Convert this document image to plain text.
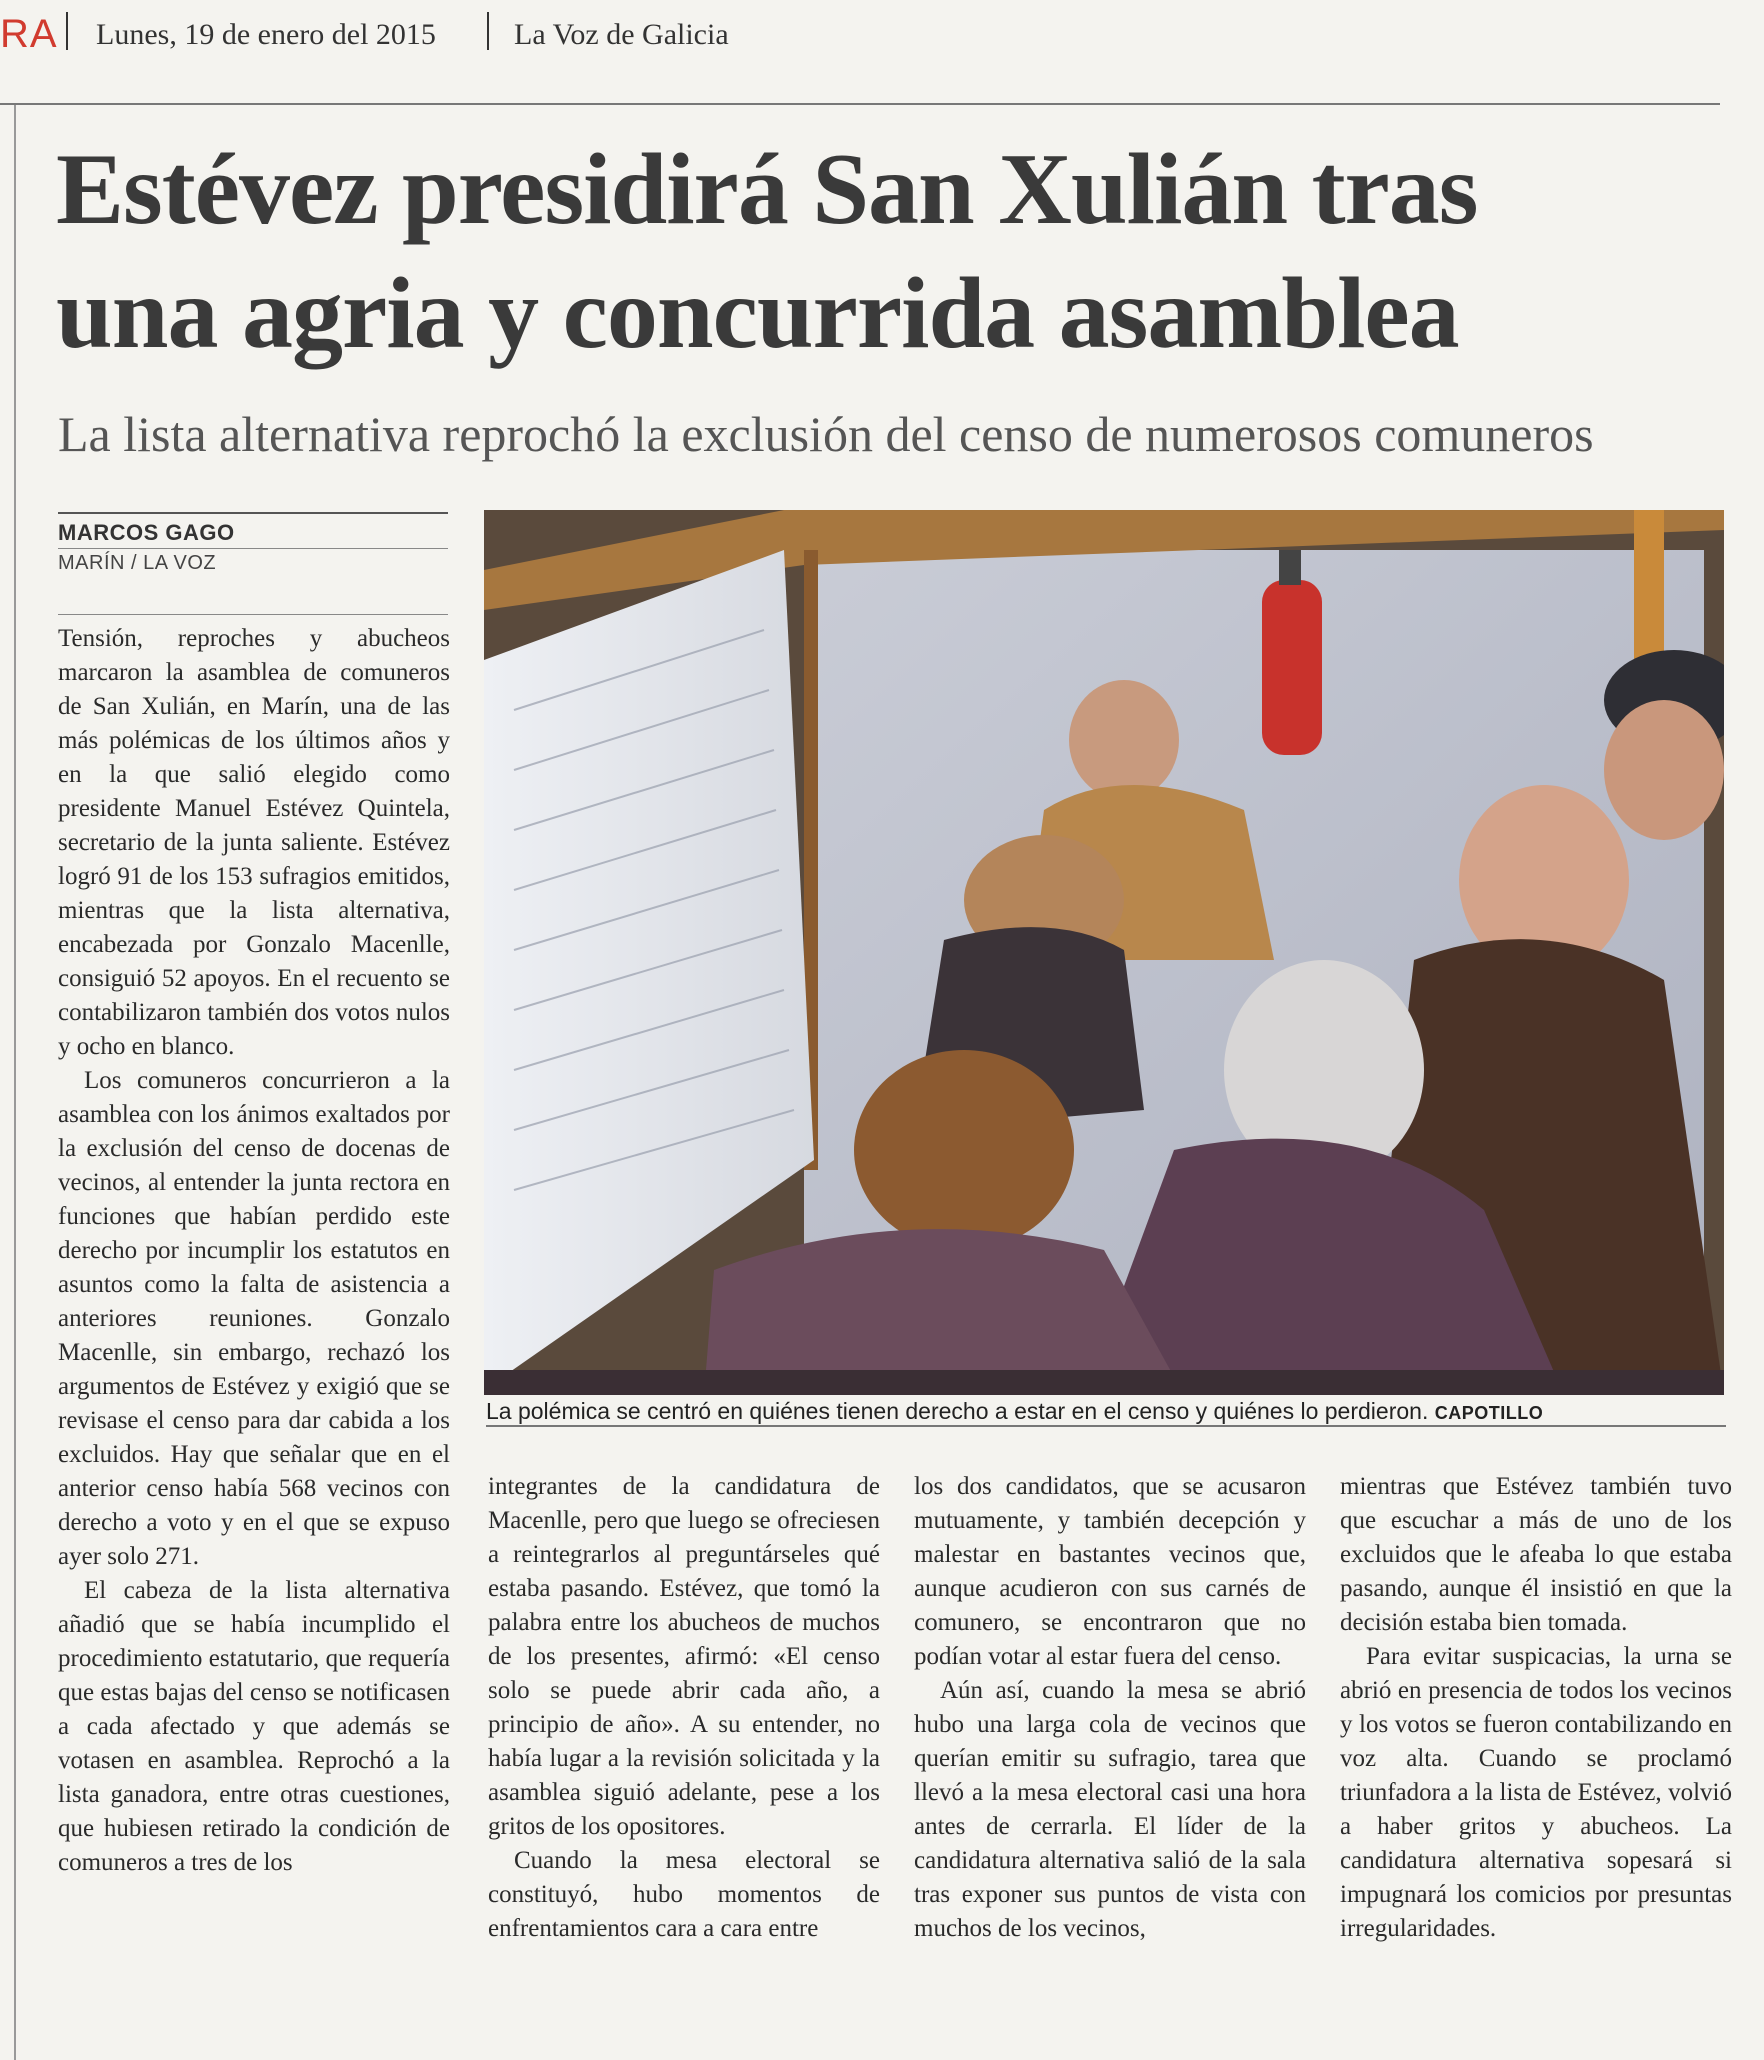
RA Lunes, 19 de enero del 2015	La Voz de Galicia

Estévez presidirá San Xulián tras
una agria y concurrida asamblea
La lista alternativa reprochó la exclusión del censo de numerosos comuneros
MARCOS GAGO
MARÍN / LA VOZ
La polémica se centró en quiénes tienen derecho a estar en el censo y quiénes lo perdieron. CAPOTILLO

Tensión, reproches y abucheos marcaron la asamblea de comuneros de San Xulián, en Marín, una de las más polémicas de los últimos años y en la que salió elegido como presidente Manuel Estévez Quintela, secretario de la junta saliente. Estévez logró 91 de los 153 sufragios emitidos, mientras que la lista alternativa, encabezada por Gonzalo Macenlle, consiguió 52 apoyos. En el recuento se contabilizaron también dos votos nulos y ocho en blanco.

Los comuneros concurrieron a la asamblea con los ánimos exaltados por la exclusión del censo de docenas de vecinos, al entender la junta rectora en funciones que habían perdido este derecho por incumplir los estatutos en asuntos como la falta de asistencia a anteriores reuniones. Gonzalo Macenlle, sin embargo, rechazó los argumentos de Estévez y exigió que se revisase el censo para dar cabida a los excluidos. Hay que señalar que en el anterior censo había 568 vecinos con derecho a voto y en el que se expuso ayer solo 271.

El cabeza de la lista alternativa añadió que se había incumplido el procedimiento estatutario, que requería que estas bajas del censo se notificasen a cada afectado y que además se votasen en asamblea. Reprochó a la lista ganadora, entre otras cuestiones, que hubiesen retirado la condición de comuneros a tres de los

integrantes de la candidatura de Macenlle, pero que luego se ofreciesen a reintegrarlos al preguntárseles qué estaba pasando. Estévez, que tomó la palabra entre los abucheos de muchos de los presentes, afirmó: «El censo solo se puede abrir cada año, a principio de año». A su entender, no había lugar a la revisión solicitada y la asamblea siguió adelante, pese a los gritos de los opositores.

Cuando la mesa electoral se constituyó, hubo momentos de enfrentamientos cara a cara entre

los dos candidatos, que se acusaron mutuamente, y también decepción y malestar en bastantes vecinos que, aunque acudieron con sus carnés de comunero, se encontraron que no podían votar al estar fuera del censo.

Aún así, cuando la mesa se abrió hubo una larga cola de vecinos que querían emitir su sufragio, tarea que llevó a la mesa electoral casi una hora antes de cerrarla. El líder de la candidatura alternativa salió de la sala tras exponer sus puntos de vista con muchos de los vecinos,

mientras que Estévez también tuvo que escuchar a más de uno de los excluidos que le afeaba lo que estaba pasando, aunque él insistió en que la decisión estaba bien tomada.

Para evitar suspicacias, la urna se abrió en presencia de todos los vecinos y los votos se fueron contabilizando en voz alta. Cuando se proclamó triunfadora a la lista de Estévez, volvió a haber gritos y abucheos. La candidatura alternativa sopesará si impugnará los comicios por presuntas irregularidades.
